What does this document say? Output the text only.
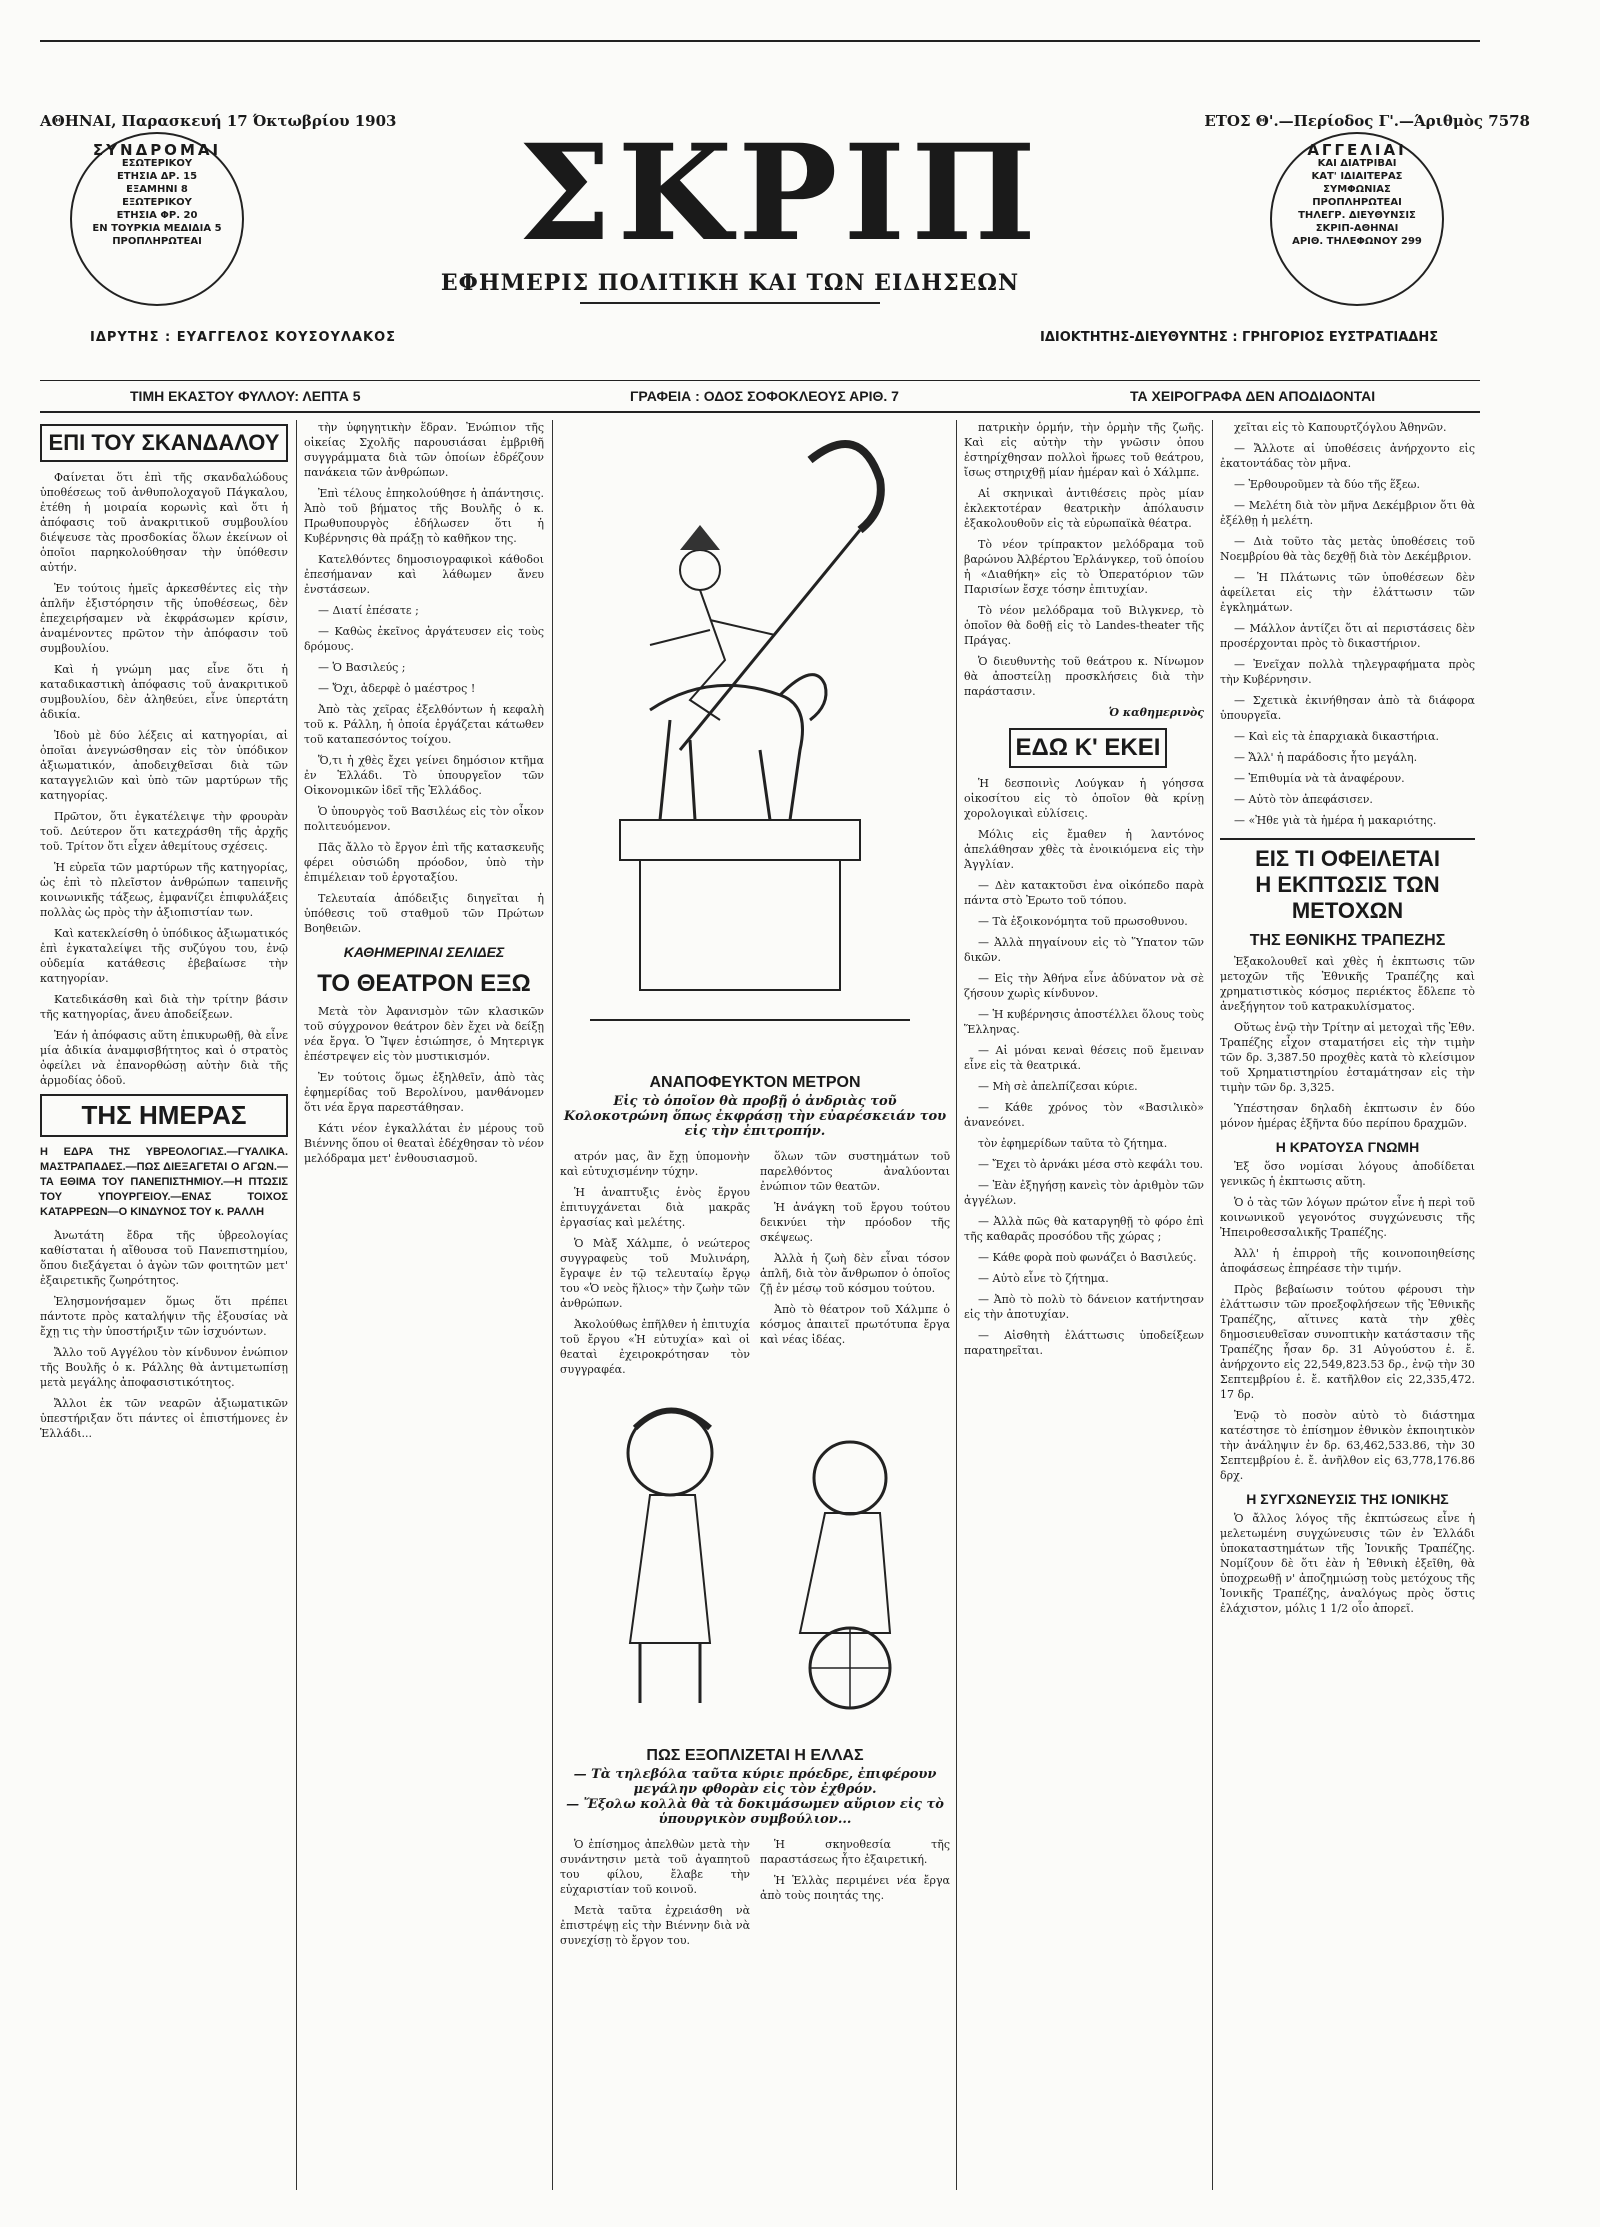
ΑΘΗΝΑΙ, Παρασκευή 17 Όκτωβρίου 1903	ΕΤΟΣ Θ'.—Περίοδος Γ'.—Άριθμὸς 7578
ΣΥΝΔΡΟΜΑΙ
ΕΣΩΤΕΡΙΚΟΥ
ΕΤΗΣΙΑ ΔΡ. 15
ΕΞΑΜΗΝΙ 8
ΕΞΩΤΕΡΙΚΟΥ
ΕΤΗΣΙΑ ΦΡ. 20
ΕΝ ΤΟΥΡΚΙΑ ΜΕΔΙΔΙΑ 5
ΠΡΟΠΛΗΡΩΤΕΑΙ	ΣΚΡΙΠ
ΕΦΗΜΕΡΙΣ ΠΟΛΙΤΙΚΗ ΚΑΙ ΤΩΝ ΕΙΔΗΣΕΩΝ
ΑΓΓΕΛΙΑΙ
ΚΑΙ ΔΙΑΤΡΙΒΑΙ
ΚΑΤ' ΙΔΙΑΙΤΕΡΑΣ
ΣΥΜΦΩΝΙΑΣ
ΠΡΟΠΛΗΡΩΤΕΑΙ
ΤΗΛΕΓΡ. ΔΙΕΥΘΥΝΣΙΣ
ΣΚΡΙΠ-ΑΘΗΝΑΙ
ΑΡΙΘ. ΤΗΛΕΦΩΝΟΥ 299
ΙΔΡΥΤΗΣ : ΕΥΑΓΓΕΛΟΣ ΚΟΥΣΟΥΛΑΚΟΣ	ΙΔΙΟΚΤΗΤΗΣ-ΔΙΕΥΘΥΝΤΗΣ : ΓΡΗΓΟΡΙΟΣ ΕΥΣΤΡΑΤΙΑΔΗΣ
ΤΙΜΗ ΕΚΑΣΤΟΥ ΦΥΛΛΟΥ: ΛΕΠΤΑ 5	ΓΡΑΦΕΙΑ : ΟΔΟΣ ΣΟΦΟΚΛΕΟΥΣ ΑΡΙΘ. 7	ΤΑ ΧΕΙΡΟΓΡΑΦΑ ΔΕΝ ΑΠΟΔΙΔΟΝΤΑΙ
ΕΠΙ ΤΟΥ ΣΚΑΝΔΑΛΟΥ

Φαίνεται ὅτι ἐπὶ τῆς σκανδαλώδους ὑποθέσεως τοῦ ἀνθυπολοχαγοῦ Πάγκαλου, ἐτέθη ἡ μοιραία κορωνὶς καὶ ὅτι ἡ ἀπόφασις τοῦ ἀνακριτικοῦ συμβουλίου διέψευσε τὰς προσδοκίας ὅλων ἐκείνων οἱ ὁποῖοι παρηκολούθησαν τὴν ὑπόθεσιν αὐτήν.

Ἐν τούτοις ἡμεῖς ἀρκεσθέντες εἰς τὴν ἁπλῆν ἐξιστόρησιν τῆς ὑποθέσεως, δὲν ἐπεχειρήσαμεν νὰ ἐκφράσωμεν κρίσιν, ἀναμένοντες πρῶτον τὴν ἀπόφασιν τοῦ συμβουλίου.

Καὶ ἡ γνώμη μας εἶνε ὅτι ἡ καταδικαστικὴ ἀπόφασις τοῦ ἀνακριτικοῦ συμβουλίου, δὲν ἀληθεύει, εἶνε ὑπερτάτη ἀδικία.

Ἰδοὺ μὲ δύο λέξεις αἱ κατηγορίαι, αἱ ὁποῖαι ἀνεγνώσθησαν εἰς τὸν ὑπόδικον ἀξιωματικόν, ἀποδειχθεῖσαι διὰ τῶν καταγγελιῶν καὶ ὑπὸ τῶν μαρτύρων τῆς κατηγορίας.

Πρῶτον, ὅτι ἐγκατέλειψε τὴν φρουρὰν τοῦ. Δεύτερον ὅτι κατεχράσθη τῆς ἀρχῆς τοῦ. Τρίτον ὅτι εἶχεν ἀθεμίτους σχέσεις.

Ἡ εὐρεῖα τῶν μαρτύρων τῆς κατηγορίας, ὡς ἐπὶ τὸ πλεῖστον ἀνθρώπων ταπεινῆς κοινωνικῆς τάξεως, ἐμφανίζει ἐπιφυλάξεις πολλὰς ὡς πρὸς τὴν ἀξιοπιστίαν των.

Καὶ κατεκλείσθη ὁ ὑπόδικος ἀξιωματικός ἐπὶ ἐγκαταλείψει τῆς συζύγου του, ἐνῷ οὐδεμία κατάθεσις ἐβεβαίωσε τὴν κατηγορίαν.

Κατεδικάσθη καὶ διὰ τὴν τρίτην βάσιν τῆς κατηγορίας, ἄνευ ἀποδείξεων.

Ἐάν ἡ ἀπόφασις αὕτη ἐπικυρωθῇ, θὰ εἶνε μία ἀδικία ἀναμφισβήτητος καὶ ὁ στρατὸς ὀφείλει νὰ ἐπανορθώσῃ αὐτὴν διὰ τῆς ἁρμοδίας ὁδοῦ.

ΤΗΣ ΗΜΕΡΑΣ
Η ΕΔΡΑ ΤΗΣ ΥΒΡΕΟΛΟΓΙΑΣ.—ΓΥΑΛΙΚΑ. ΜΑΣΤΡΑΠΑΔΕΣ.—ΠΩΣ ΔΙΕΞΑΓΕΤΑΙ Ο ΑΓΩΝ.—ΤΑ ΕΘΙΜΑ ΤΟΥ ΠΑΝΕΠΙΣΤΗΜΙΟΥ.—Η ΠΤΩΣΙΣ ΤΟΥ ΥΠΟΥΡΓΕΙΟΥ.—ΕΝΑΣ ΤΟΙΧΟΣ ΚΑΤΑΡΡΕΩΝ—Ο ΚΙΝΔΥΝΟΣ ΤΟΥ κ. ΡΑΛΛΗ

Ἀνωτάτη ἔδρα τῆς ὑβρεολογίας καθίσταται ἡ αἴθουσα τοῦ Πανεπιστημίου, ὅπου διεξάγεται ὁ ἀγὼν τῶν φοιτητῶν μετ' ἐξαιρετικῆς ζωηρότητος.

Ἐλησμονήσαμεν ὅμως ὅτι πρέπει πάντοτε πρὸς καταλήψιν τῆς ἐξουσίας νὰ ἔχῃ τις τὴν ὑποστήριξιν τῶν ἰσχυόντων.

Ἄλλο τοῦ Αγγέλου τὸν κίνδυνον ἐνώπιον τῆς Βουλῆς ὁ κ. Ράλλης θὰ ἀντιμετωπίσῃ μετὰ μεγάλης ἀποφασιστικότητος.

Ἄλλοι ἐκ τῶν νεαρῶν ἀξιωματικῶν ὑπεστήριξαν ὅτι πάντες οἱ ἐπιστήμονες ἐν Ἑλλάδι...

τὴν ὑφηγητικὴν ἕδραν. Ἐνώπιον τῆς οἰκείας Σχολῆς παρουσιάσαι ἐμβριθῆ συγγράμματα διὰ τῶν ὁποίων ἐδρέζουν πανάκεια τῶν ἀνθρώπων.

Ἐπὶ τέλους ἐπηκολούθησε ἡ ἀπάντησις. Ἀπὸ τοῦ βήματος τῆς Βουλῆς ὁ κ. Πρωθυπουργὸς ἐδήλωσεν ὅτι ἡ Κυβέρνησις θὰ πράξῃ τὸ καθῆκον της.

Κατελθόντες δημοσιογραφικοὶ κάθοδοι ἐπεσήμαναν καὶ λάθωμεν ἄνευ ἐνστάσεων.

— Διατί ἐπέσατε ;

— Καθὼς ἐκεῖνος ἀργάτευσεν εἰς τοὺς δρόμους.

— Ὁ Βασιλεύς ;

— Ὄχι, ἀδερφὲ ὁ μαέστρος !

Ἀπὸ τὰς χεῖρας ἐξελθόντων ἡ κεφαλὴ τοῦ κ. Ράλλη, ἡ ὁποία ἐργάζεται κάτωθεν τοῦ καταπεσόντος τοίχου.

Ὅ,τι ἡ χθὲς ἔχει γείνει δημόσιον κτῆμα ἐν Ἑλλάδι. Τὸ ὑπουργεῖον τῶν Οἰκονομικῶν ἰδεῖ τῆς Ἑλλάδος.

Ὁ ὑπουργὸς τοῦ Βασιλέως εἰς τὸν οἶκον πολιτευόμενον.

Πᾶς ἄλλο τὸ ἔργον ἐπὶ τῆς κατασκευῆς φέρει οὐσιώδη πρόοδον, ὑπὸ τὴν ἐπιμέλειαν τοῦ ἐργοταξίου.

Τελευταία ἀπόδειξις διηγεῖται ἡ ὑπόθεσις τοῦ σταθμοῦ τῶν Πρώτων Βοηθειῶν.

ΚΑΘΗΜΕΡΙΝΑΙ ΣΕΛΙΔΕΣ
ΤΟ ΘΕΑΤΡΟΝ ΕΞΩ

Μετὰ τὸν Ἀφανισμὸν τῶν κλασικῶν τοῦ σύγχρονον θεάτρον δὲν ἔχει νὰ δείξῃ νέα ἔργα. Ὁ Ἴψεν ἐσιώπησε, ὁ Μητεριγκ ἐπέστρεψεν εἰς τὸν μυστικισμόν.

Ἐν τούτοις ὅμως ἐξηλθεῖν, ἀπὸ τὰς ἐφημερίδας τοῦ Βερολίνου, μανθάνομεν ὅτι νέα ἔργα παρεστάθησαν.

Κάτι νέον ἐγκαλλάται ἐν μέρους τοῦ Βιέννης ὅπου οἱ θεαταὶ ἐδέχθησαν τὸ νέον μελόδραμα μετ' ἐνθουσιασμοῦ.

ΑΝΑΠΟΦΕΥΚΤΟΝ ΜΕΤΡΟΝ
Εἰς τὸ ὁποῖον θὰ προβῇ ὁ ἀνδριὰς τοῦ Κολοκοτρώνη ὅπως ἐκφράσῃ τὴν εὐαρέσκειάν του εἰς τὴν ἐπιτροπήν.

ατρόν μας, ἂν ἔχῃ ὑπομονὴν καὶ εὐτυχισμένην τύχην.

Ἡ ἀναπτυξις ἑνὸς ἔργου ἐπιτυγχάνεται διὰ μακρᾶς ἐργασίας καὶ μελέτης.

Ὁ Μὰξ Χάλμπε, ὁ νεώτερος συγγραφεὺς τοῦ Μυλινάρη, ἔγραψε ἐν τῷ τελευταίῳ ἔργῳ του «Ὁ νεὸς ἥλιος» τὴν ζωὴν τῶν ἀνθρώπων.

Ἀκολούθως ἐπῆλθεν ἡ ἐπιτυχία τοῦ ἔργου «Ἡ εὐτυχία» καὶ οἱ θεαταὶ ἐχειροκρότησαν τὸν συγγραφέα.

ὅλων τῶν συστημάτων τοῦ παρελθόντος ἀναλύονται ἐνώπιον τῶν θεατῶν.

Ἡ ἀνάγκη τοῦ ἔργου τούτου δεικνύει τὴν πρόοδον τῆς σκέψεως.

Ἀλλὰ ἡ ζωὴ δὲν εἶναι τόσον ἁπλῆ, διὰ τὸν ἄνθρωπον ὁ ὁποῖος ζῇ ἐν μέσῳ τοῦ κόσμου τούτου.

Ἀπὸ τὸ θέατρον τοῦ Χάλμπε ὁ κόσμος ἀπαιτεῖ πρωτότυπα ἔργα καὶ νέας ἰδέας.

ΠΩΣ ΕΞΟΠΛΙΖΕΤΑΙ Η ΕΛΛΑΣ
— Τὰ τηλεβόλα ταῦτα κύριε πρόεδρε, ἐπιφέρουν μεγάλην φθορὰν εἰς τὸν ἐχθρόν.
— Ἔξολω κολλὰ θὰ τὰ δοκιμάσωμεν αὔριον εἰς τὸ ὑπουργικὸν συμβούλιον...

Ὁ ἐπίσημος ἀπελθὼν μετὰ τὴν συνάντησιν μετὰ τοῦ ἀγαπητοῦ του φίλου, ἔλαβε τὴν εὐχαριστίαν τοῦ κοινοῦ.

Μετὰ ταῦτα ἐχρειάσθη νὰ ἐπιστρέψῃ εἰς τὴν Βιέννην διὰ νὰ συνεχίσῃ τὸ ἔργον του.

Ἡ σκηνοθεσία τῆς παραστάσεως ἦτο ἐξαιρετική.

Ἡ Ἑλλὰς περιμένει νέα ἔργα ἀπὸ τοὺς ποιητάς της.

πατρικὴν ὁρμήν, τὴν ὁρμὴν τῆς ζωῆς. Καὶ εἰς αὐτὴν τὴν γνῶσιν ὁπου ἐστηρίχθησαν πολλοὶ ἥρωες τοῦ θεάτρου, ἴσως στηριχθῇ μίαν ἡμέραν καὶ ὁ Χάλμπε.

Αἱ σκηνικαὶ ἀντιθέσεις πρὸς μίαν ἐκλεκτοτέραν θεατρικὴν ἀπόλαυσιν ἐξακολουθοῦν εἰς τὰ εὐρωπαϊκὰ θέατρα.

Τὸ νέον τρίπρακτον μελόδραμα τοῦ βαρώνου Ἀλβέρτου Ἐρλάνγκερ, τοῦ ὁποίου ἡ «Διαθήκη» εἰς τὸ Ὀπερατόριον τῶν Παρισίων ἔσχε τόσην ἐπιτυχίαν.

Τὸ νέον μελόδραμα τοῦ Βιλγκνερ, τὸ ὁποῖον θὰ δοθῇ εἰς τὸ Landes-theater τῆς Πράγας.

Ὁ διευθυντὴς τοῦ θεάτρου κ. Νίνωμον θὰ ἀποστείλῃ προσκλήσεις διὰ τὴν παράστασιν.

Ὁ καθημερινὸς
ΕΔΩ Κ' ΕΚΕΙ

Ἡ δεσποινὶς Λούγκαν ἡ γόησσα οἰκοσίτου εἰς τὸ ὁποῖον θὰ κρίνῃ χορολογικαὶ εὐλίσεις.

Μόλις εἰς ἔμαθεν ἡ λαντόνος ἀπελάθησαν χθὲς τὰ ἐνοικιόμενα εἰς τὴν Ἀγγλίαν.

— Δὲν κατακτοῦσι ἐνα οἰκόπεδο παρὰ πάντα στὸ Ἐρωτο τοῦ τόπου.

— Τὰ ἐξοικονόμητα τοῦ πρωσοθυνου.

— Ἀλλὰ πηγαίνουν εἰς τὸ Ὕπατον τῶν δικῶν.

— Εἰς τὴν Ἀθήνα εἶνε ἀδύνατον νὰ σὲ ζήσουν χωρὶς κίνδυνον.

— Ἡ κυβέρνησις ἀποστέλλει ὅλους τοὺς Ἕλληνας.

— Αἱ μόναι κεναὶ θέσεις ποῦ ἔμειναν εἶνε εἰς τὰ θεατρικά.

— Μὴ σὲ ἀπελπίζεσαι κύριε.

— Κάθε χρόνος τὸν «Βασιλικὸ» ἀνανεόνει.

τὸν ἐφημερίδων ταῦτα τὸ ζήτημα.

— Ἔχει τὸ ἀρνάκι μέσα στὸ κεφάλι του.

— Ἐὰν ἐξηγήσῃ κανεὶς τὸν ἀριθμὸν τῶν ἀγγέλων.

— Ἀλλὰ πῶς θὰ καταργηθῇ τὸ φόρο ἐπὶ τῆς καθαρᾶς προσόδου τῆς χώρας ;

— Κάθε φορὰ ποὺ φωνάζει ὁ Βασιλεύς.

— Αὐτὸ εἶνε τὸ ζήτημα.

— Ἀπὸ τὸ πολὺ τὸ δάνειον κατήντησαν εἰς τὴν ἀποτυχίαν.

— Αἰσθητὴ ἐλάττωσις ὑποδείξεων παρατηρεῖται.

χεῖται εἰς τὸ Καπουρτζόγλου Ἀθηνῶν.

— Ἄλλοτε αἱ ὑποθέσεις ἀνήρχοντο εἰς ἐκατοντάδας τὸν μῆνα.

— Ἐρθουροῦμεν τὰ δύο τῆς ἕξεω.

— Μελέτη διὰ τὸν μῆνα Δεκέμβριον ὅτι θὰ ἐξέλθῃ ἡ μελέτη.

— Διὰ τοῦτο τὰς μετὰς ὑποθέσεις τοῦ Νοεμβρίου θὰ τὰς δεχθῇ διὰ τὸν Δεκέμβριον.

— Ἡ Πλάτωνις τῶν ὑποθέσεων δὲν ἀφείλεται εἰς τὴν ἐλάττωσιν τῶν ἐγκλημάτων.

— Μάλλον ἀντίζει ὅτι αἱ περιστάσεις δὲν προσέρχονται πρὸς τὸ δικαστήριον.

— Ἐνεῖχαν πολλὰ τηλεγραφήματα πρὸς τὴν Κυβέρνησιν.

— Σχετικὰ ἐκινήθησαν ἀπὸ τὰ διάφορα ὑπουργεῖα.

— Καὶ εἰς τὰ ἐπαρχιακὰ δικαστήρια.

— Ἄλλ' ἡ παράδοσις ἦτο μεγάλη.

— Ἐπιθυμία νὰ τὰ ἀναφέρουν.

— Αὐτὸ τὸν ἀπεφάσισεν.

— «Ἠθε γιὰ τὰ ἡμέρα ἡ μακαριότης.

ΕΙΣ ΤΙ ΟΦΕΙΛΕΤΑΙ
Η ΕΚΠΤΩΣΙΣ ΤΩΝ ΜΕΤΟΧΩΝ
ΤΗΣ ΕΘΝΙΚΗΣ ΤΡΑΠΕΖΗΣ

Ἐξακολουθεῖ καὶ χθὲς ἡ ἐκπτωσις τῶν μετοχῶν τῆς Ἐθνικῆς Τραπέζης καὶ χρηματιστικὸς κόσμος περιέκτος ἔδλεπε τὸ ἀνεξήγητον τοῦ κατρακυλίσματος.

Οὕτως ἐνῷ τὴν Τρίτην αἱ μετοχαὶ τῆς Ἐθν. Τραπέζης εἶχον σταματήσει εἰς τὴν τιμὴν τῶν δρ. 3,387.50 προχθὲς κατὰ τὸ κλείσιμον τοῦ Χρηματιστηρίου ἐσταμάτησαν εἰς τὴν τιμὴν τῶν δρ. 3,325.

Ὑπέστησαν δηλαδὴ ἐκπτωσιν ἐν δύο μόνον ἡμέρας ἑξῆντα δύο περίπου δραχμῶν.

Η ΚΡΑΤΟΥΣΑ ΓΝΩΜΗ

Ἐξ ὅσο νομίσαι λόγους ἀποδίδεται γενικῶς ἡ ἐκπτωσις αὕτη.

Ὁ ὁ τὰς τῶν λόγων πρώτον εἶνε ἡ περὶ τοῦ κοινωνικοῦ γεγονότος συγχώνευσις τῆς Ἠπειροθεσσαλικῆς Τραπέζης.

Ἀλλ' ἡ ἐπιρροὴ τῆς κοινοποιηθείσης ἀποφάσεως ἐπηρέασε τὴν τιμήν.

Πρὸς βεβαίωσιν τούτου φέρουσι τὴν ἐλάττωσιν τῶν προεξοφλήσεων τῆς Ἐθνικῆς Τραπέζης, αἵτινες κατὰ τὴν χθὲς δημοσιευθεῖσαν συνοπτικὴν κατάστασιν τῆς Τραπέζης ἦσαν δρ. 31 Αὐγούστου ἐ. ἔ. ἀνήρχοντο εἰς 22,549,823.53 δρ., ἐνῷ τὴν 30 Σεπτεμβρίου ἐ. ἔ. κατῆλθον εἰς 22,335,472. 17 δρ.

Ἐνῷ τὸ ποσὸν αὐτὸ τὸ διάστημα κατέστησε τὸ ἐπίσημον ἐθνικὸν ἐκποιητικὸν τὴν ἀνάληψιν ἐν δρ. 63,462,533.86, τὴν 30 Σεπτεμβρίου ἐ. ἔ. ἀνῆλθον εἰς 63,778,176.86 δρχ.

Η ΣΥΓΧΩΝΕΥΣΙΣ ΤΗΣ ΙΟΝΙΚΗΣ

Ὁ ἄλλος λόγος τῆς ἐκπτώσεως εἶνε ἡ μελετωμένη συγχώνευσις τῶν ἐν Ἑλλάδι ὑποκαταστημάτων τῆς Ἰονικῆς Τραπέζης. Νομίζουν δὲ ὅτι ἐὰν ἡ Ἐθνικὴ ἐξεῖθη, θὰ ὑποχρεωθῇ ν' ἀποζημιώσῃ τοὺς μετόχους τῆς Ἰονικῆς Τραπέζης, ἀναλόγως πρὸς ὅστις ἐλάχιστον, μόλις 1 1/2 οἷο ἀπορεῖ.
